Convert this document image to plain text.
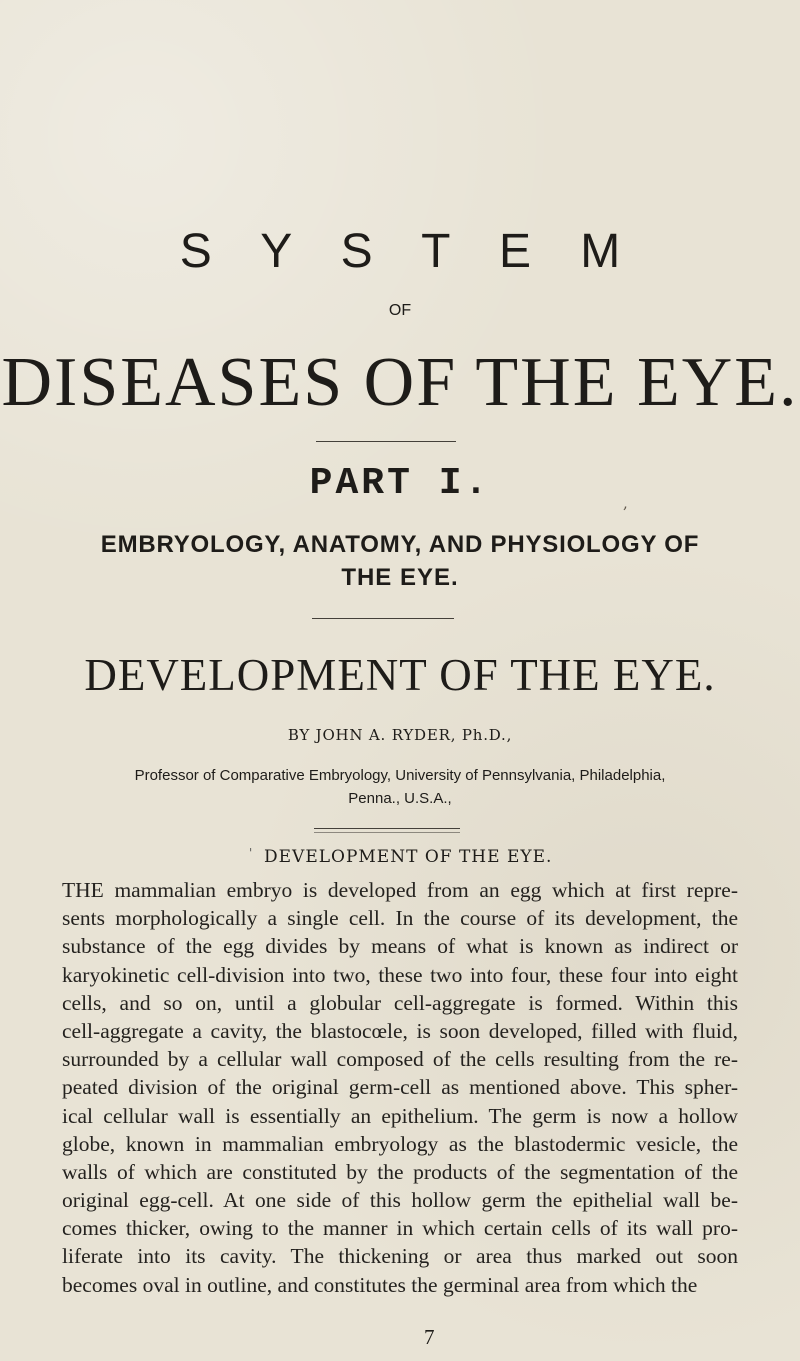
S Y S T E M
OF
DISEASES OF THE EYE.
PART I.	,
EMBRYOLOGY, ANATOMY, AND PHYSIOLOGY OF
THE EYE.
DEVELOPMENT OF THE EYE.
BY JOHN A. RYDER, Ph.D.,
Professor of Comparative Embryology, University of Pennsylvania, Philadelphia,
Penna., U.S.A.,
' DEVELOPMENT OF THE EYE.
THE mammalian embryo is developed from an egg which at first repre-
sents morphologically a single cell. In the course of its development, the
substance of the egg divides by means of what is known as indirect or
karyokinetic cell-division into two, these two into four, these four into eight
cells, and so on, until a globular cell-aggregate is formed. Within this
cell-aggregate a cavity, the blastocœle, is soon developed, filled with fluid,
surrounded by a cellular wall composed of the cells resulting from the re-
peated division of the original germ-cell as mentioned above. This spher-
ical cellular wall is essentially an epithelium. The germ is now a hollow
globe, known in mammalian embryology as the blastodermic vesicle, the
walls of which are constituted by the products of the segmentation of the
original egg-cell. At one side of this hollow germ the epithelial wall be-
comes thicker, owing to the manner in which certain cells of its wall pro-
liferate into its cavity. The thickening or area thus marked out soon
becomes oval in outline, and constitutes the germinal area from which the
7
